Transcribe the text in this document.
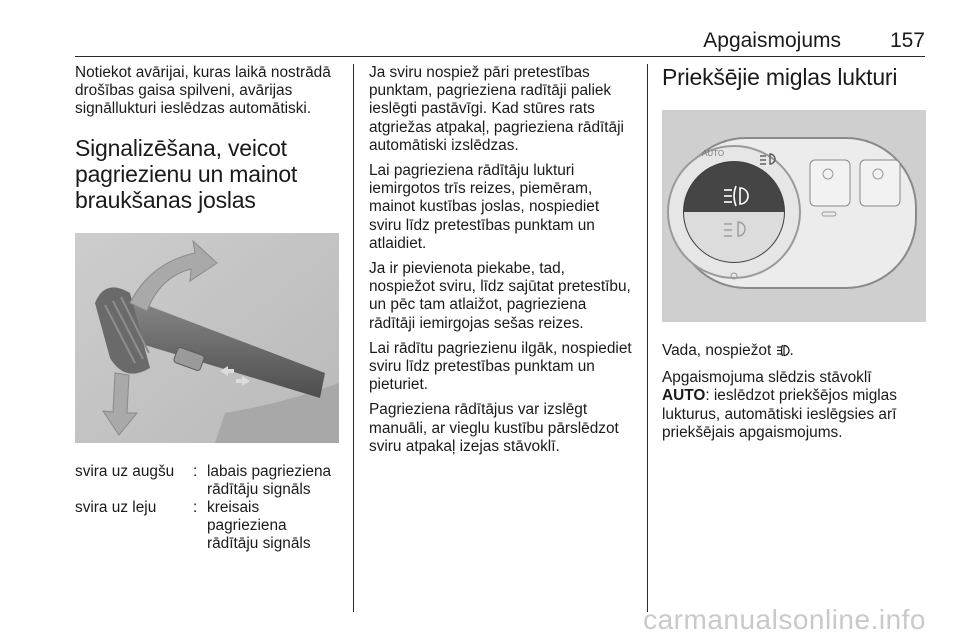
Apgaismojums 157

Notiekot avārijai, kuras laikā nostrādā drošības gaisa spilveni, avārijas signāllukturi ieslēdzas automātiski.

Signalizēšana, veicot pagriezienu un mainot braukšanas joslas
svira uz augšu	: labais pagrieziena rādītāju signāls
svira uz leju	: kreisais pagrieziena rādītāju signāls

Ja sviru nospiež pāri pretestības punktam, pagrieziena radītāji paliek ieslēgti pastāvīgi. Kad stūres rats atgriežas atpakaļ, pagrieziena rādītāji automātiski izslēdzas.

Lai pagrieziena rādītāju lukturi iemirgotos trīs reizes, piemēram, mainot kustības joslas, nospiediet sviru līdz pretestības punktam un atlaidiet.

Ja ir pievienota piekabe, tad, nospiežot sviru, līdz sajūtat pretestību, un pēc tam atlaižot, pagrieziena rādītāji iemirgojas sešas reizes.

Lai rādītu pagriezienu ilgāk, nospiediet sviru līdz pretestības punktam un pieturiet.

Pagrieziena rādītājus var izslēgt manuāli, ar vieglu kustību pārslēdzot sviru atpakaļ izejas stāvoklī.

Priekšējie miglas lukturi
AUTO

Vada, nospiežot .

Apgaismojuma slēdzis stāvoklī
AUTO: ieslēdzot priekšējos miglas lukturus, automātiski ieslēgsies arī priekšējais apgaismojums.

carmanualsonline.info
